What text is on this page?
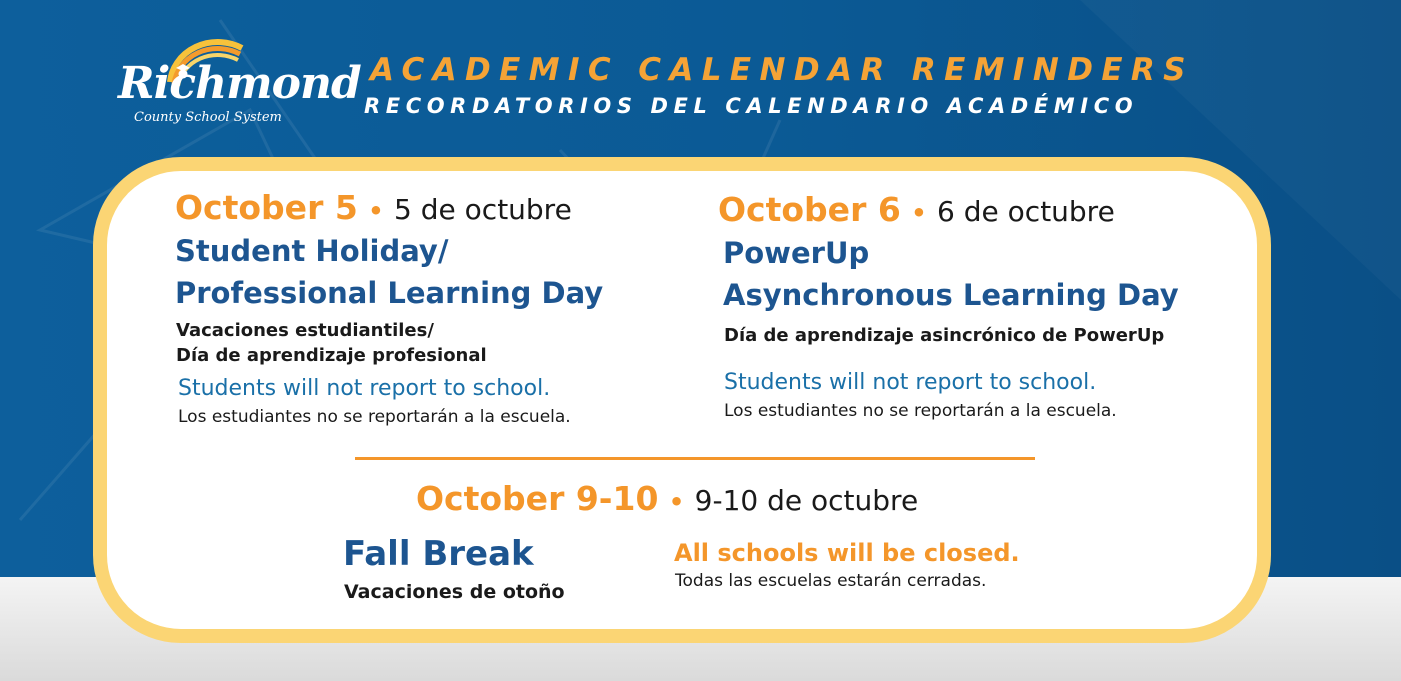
Richmond
County School System
ACADEMIC CALENDAR REMINDERS
RECORDATORIOS DEL CALENDARIO ACADÉMICO
October 5 • 5 de octubre
Student Holiday/
Professional Learning Day
Vacaciones estudiantiles/
Día de aprendizaje profesional
Students will not report to school.
Los estudiantes no se reportarán a la escuela.
October 6 • 6 de octubre
PowerUp
Asynchronous Learning Day
Día de aprendizaje asincrónico de PowerUp
Students will not report to school.
Los estudiantes no se reportarán a la escuela.
October 9-10 • 9-10 de octubre
Fall Break
Vacaciones de otoño
All schools will be closed.
Todas las escuelas estarán cerradas.
